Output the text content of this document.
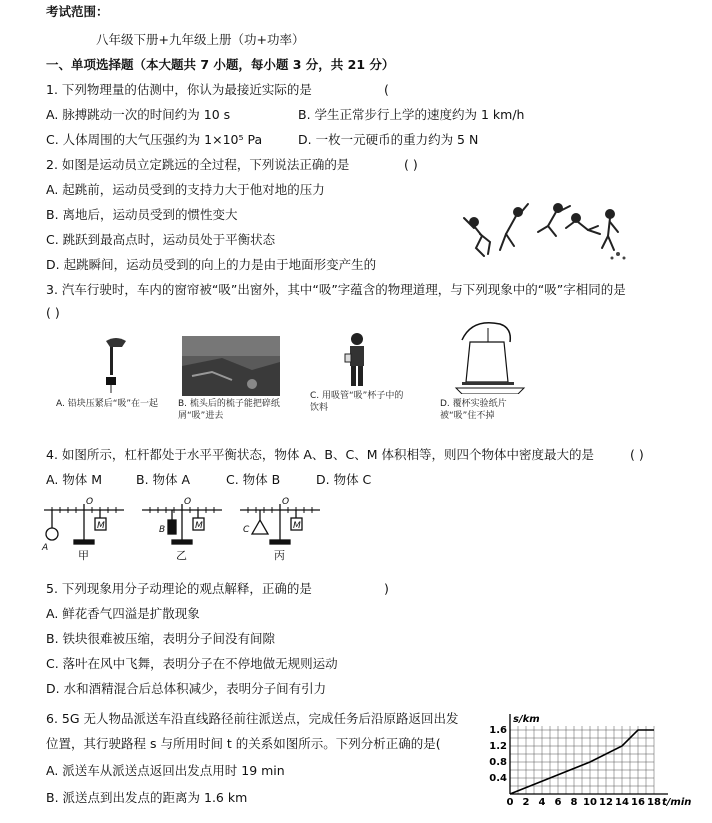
考试范围：
八年级下册+九年级上册（功+功率）
一、单项选择题（本大题共 7 小题，每小题 3 分，共 21 分）
1. 下列物理量的估测中，你认为最接近实际的是	(
A. 脉搏跳动一次的时间约为 10 s	B. 学生正常步行上学的速度约为 1 km/h
C. 人体周围的大气压强约为 1×10⁵ Pa	D. 一枚一元硬币的重力约为 5 N
2. 如图是运动员立定跳远的全过程，下列说法正确的是	( )
A. 起跳前，运动员受到的支持力大于他对地的压力
B. 离地后，运动员受到的惯性变大
C. 跳跃到最高点时，运动员处于平衡状态
D. 起跳瞬间，运动员受到的向上的力是由于地面形变产生的
3. 汽车行驶时，车内的窗帘被“吸”出窗外，其中“吸”字蕴含的物理道理，与下列现象中的“吸”字相同的是
( )
A. 铅块压紧后“吸”在一起 B. 梳头后的梳子能把碎纸屑“吸”进去
C. 用吸管“吸”杯子中的饮料	D. 覆杯实验纸片被“吸”住不掉
4. 如图所示，杠杆都处于水平平衡状态，物体 A、B、C、M 体积相等，则四个物体中密度最大的是	( )
A. 物体 M	B. 物体 A	C. 物体 B	D. 物体 C
O	O	O
M	M	M
A
B	C
甲	乙	丙
5. 下列现象用分子动理论的观点解释，正确的是	)
A. 鲜花香气四溢是扩散现象
B. 铁块很难被压缩，表明分子间没有间隙
C. 落叶在风中飞舞，表明分子在不停地做无规则运动
D. 水和酒精混合后总体积减少，表明分子间有引力
6. 5G 无人物品派送车沿直线路径前往派送点，完成任务后沿原路返回出发
位置，其行驶路程 s 与所用时间 t 的关系如图所示。下列分析正确的是(
A. 派送车从派送点返回出发点用时 19 min
B. 派送点到出发点的距离为 1.6 km	0 2 4 6 8 10 12 14 16 18
0.4
0.8
1.2
1.6
s/km
t/min
